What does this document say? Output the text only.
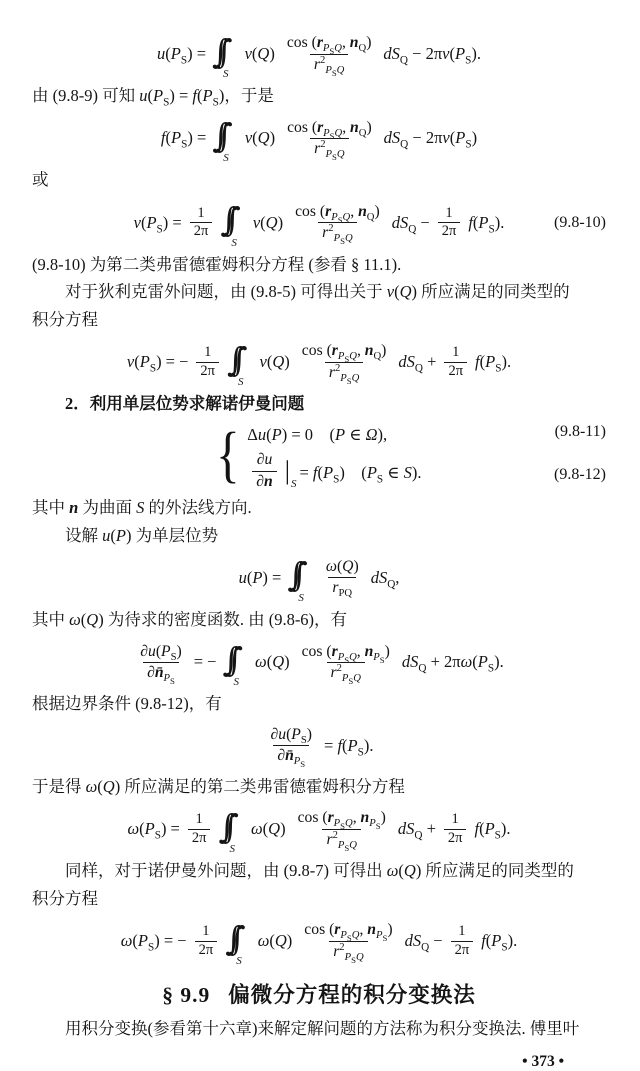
$u(P_S)$ = ∫∫
S
$\nu(Q) \frac{\cos (r_{P_SQ}, n_Q)}{r^2_{P_SQ}} dS_Q - 2\pi\nu(P_S)$.

由 (9.8-9) 可知 $u(P_S) = f(P_S)$，于是

$f(P_S)$ = ∫∫
S
$\nu(Q) \frac{\cos (r_{P_SQ}, n_Q)}{r^2_{P_SQ}} dS_Q - 2\pi\nu(P_S)$

或

$\nu(P_S) = \frac{1}{2\pi}$ ∫∫
S
$\nu(Q) \frac{\cos (r_{P_SQ}, n_Q)}{r^2_{P_SQ}} dS_Q - \frac{1}{2\pi} f(P_S)$.	(9.8-10)

(9.8-10) 为第二类弗雷德霍姆积分方程 (参看 § 11.1).

对于狄利克雷外问题，由 (9.8-5) 可得出关于 ν(Q) 所应满足的同类型的

积分方程

$\nu(P_S)$ = − $\frac{1}{2\pi}$ ∫∫
S
$\nu(Q) \frac{\cos (r_{P_SQ}, n_Q)}{r^2_{P_SQ}} dS_Q + \frac{1}{2\pi} f(P_S)$.

2．利用单层位势求解诺伊曼问题

{ Δu(P) = 0　(P ∈ Ω),
$\frac{\partial u}{\partial n}$ | S
= $f(P_S)$　($P_S$ ∈ S).
(9.8-11)
(9.8-12)

其中 n 为曲面 S 的外法线方向.

设解 u(P) 为单层位势

u(P) = ∫∫
S $\frac{\omega(Q)}{r_{PQ}} dS_Q$,

其中 ω(Q) 为待求的密度函数. 由 (9.8-6)，有

$\frac{\partial u(P_S)}{\partial n̄_{P_S}}$ = − ∫∫
S
$\omega(Q) \frac{\cos (r_{P_SQ}, n_{P_S})}{r^2_{P_SQ}} dS_Q + 2\pi\omega(P_S)$.

根据边界条件 (9.8-12)，有

$\frac{\partial u(P_S)}{\partial n̄_{P_S}} = f(P_S)$.

于是得 ω(Q) 所应满足的第二类弗雷德霍姆积分方程

$\omega(P_S) = \frac{1}{2\pi}$ ∫∫
S
$\omega(Q) \frac{\cos (r_{P_SQ}, n_{P_S})}{r^2_{P_SQ}} dS_Q + \frac{1}{2\pi} f(P_S)$.

同样，对于诺伊曼外问题，由 (9.8-7) 可得出 ω(Q) 所应满足的同类型的

积分方程

$\omega(P_S)$ = − $\frac{1}{2\pi}$ ∫∫
S
$\omega(Q) \frac{\cos (r_{P_SQ}, n_{P_S})}{r^2_{P_SQ}} dS_Q - \frac{1}{2\pi} f(P_S)$.
§ 9.9 偏微分方程的积分变换法

用积分变换(参看第十六章)来解定解问题的方法称为积分变换法. 傅里叶

• 373 •
